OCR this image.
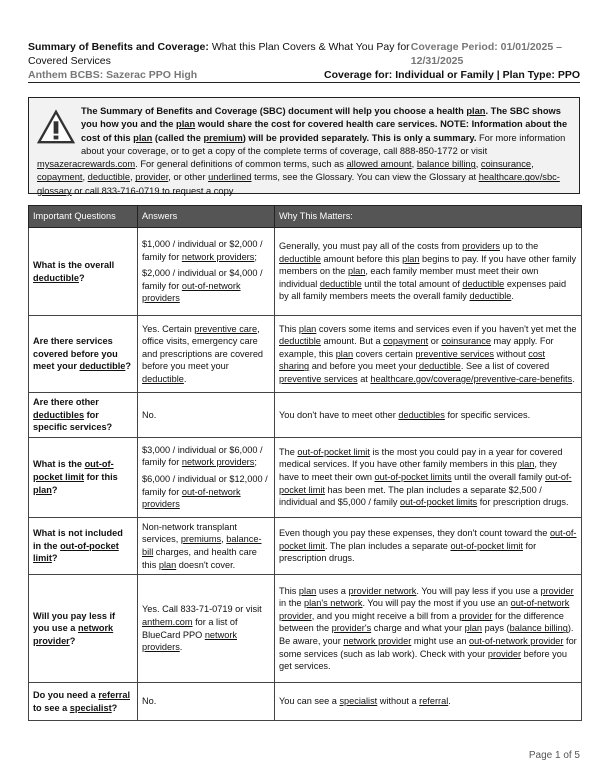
Summary of Benefits and Coverage: What this Plan Covers & What You Pay for Covered Services
Coverage Period: 01/01/2025 – 12/31/2025
Anthem BCBS: Sazerac PPO High	Coverage for: Individual or Family | Plan Type: PPO
The Summary of Benefits and Coverage (SBC) document will help you choose a health plan. The SBC shows you how you and the plan would share the cost for covered health care services. NOTE: Information about the cost of this plan (called the premium) will be provided separately. This is only a summary. For more information about your coverage, or to get a copy of the complete terms of coverage, call 888-850-1772 or visit mysazeracrewards.com. For general definitions of common terms, such as allowed amount, balance billing, coinsurance, copayment, deductible, provider, or other underlined terms, see the Glossary. You can view the Glossary at healthcare.gov/sbc-glossary or call 833-716-0719 to request a copy.
Important Questions	Answers	Why This Matters:
What is the overall deductible?	$1,000 / individual or $2,000 / family for network providers;

$2,000 / individual or $4,000 / family for out-of-network providers	Generally, you must pay all of the costs from providers up to the deductible amount before this plan begins to pay. If you have other family members on the plan, each family member must meet their own individual deductible until the total amount of deductible expenses paid by all family members meets the overall family deductible.
Are there services covered before you meet your deductible?	Yes. Certain preventive care, office visits, emergency care and prescriptions are covered before you meet your deductible.	This plan covers some items and services even if you haven't yet met the deductible amount. But a copayment or coinsurance may apply. For example, this plan covers certain preventive services without cost sharing and before you meet your deductible. See a list of covered preventive services at healthcare.gov/coverage/preventive-care-benefits.
Are there other deductibles for specific services?	No.	You don't have to meet other deductibles for specific services.
What is the out-of-pocket limit for this plan?	$3,000 / individual or $6,000 / family for network providers;

$6,000 / individual or $12,000 / family for out-of-network providers	The out-of-pocket limit is the most you could pay in a year for covered medical services. If you have other family members in this plan, they have to meet their own out-of-pocket limits until the overall family out-of-pocket limit has been met. The plan includes a separate $2,500 / individual and $5,000 / family out-of-pocket limits for prescription drugs.
What is not included in the out-of-pocket limit?	Non-network transplant services, premiums, balance-bill charges, and health care this plan doesn't cover.	Even though you pay these expenses, they don't count toward the out-of-pocket limit. The plan includes a separate out-of-pocket limit for prescription drugs.
Will you pay less if you use a network provider?	Yes. Call 833-71-0719 or visit anthem.com for a list of BlueCard PPO network providers.	This plan uses a provider network. You will pay less if you use a provider in the plan's network. You will pay the most if you use an out-of-network provider, and you might receive a bill from a provider for the difference between the provider's charge and what your plan pays (balance billing). Be aware, your network provider might use an out-of-network provider for some services (such as lab work). Check with your provider before you get services.
Do you need a referral to see a specialist?	No.	You can see a specialist without a referral.
Page 1 of 5
